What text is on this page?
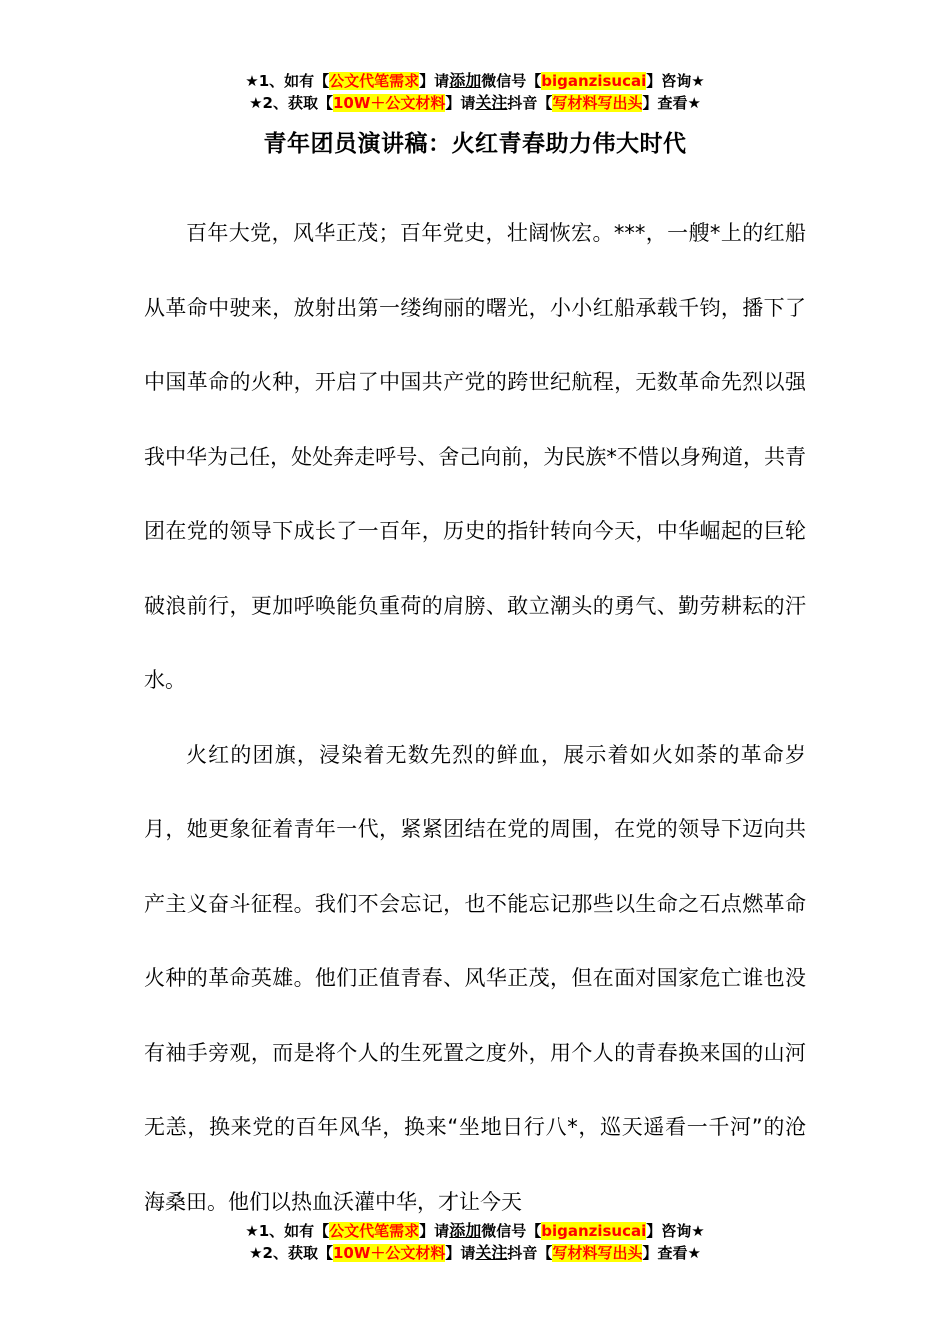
★1、如有【公文代笔需求】请添加微信号【biganzisucai】咨询★
★2、获取【10W＋公文材料】请关注抖音【写材料写出头】查看★
青年团员演讲稿：火红青春助力伟大时代

百年大党，风华正茂；百年党史，壮阔恢宏。***，一艘*上的红船从革命中驶来，放射出第一缕绚丽的曙光，小小红船承载千钧，播下了中国革命的火种，开启了中国共产党的跨世纪航程，无数革命先烈以强我中华为己任，处处奔走呼号、舍己向前，为民族*不惜以身殉道，共青团在党的领导下成长了一百年，历史的指针转向今天，中华崛起的巨轮破浪前行，更加呼唤能负重荷的肩膀、敢立潮头的勇气、勤劳耕耘的汗水。

火红的团旗，浸染着无数先烈的鲜血，展示着如火如荼的革命岁月，她更象征着青年一代，紧紧团结在党的周围，在党的领导下迈向共产主义奋斗征程。我们不会忘记，也不能忘记那些以生命之石点燃革命火种的革命英雄。他们正值青春、风华正茂，但在面对国家危亡谁也没有袖手旁观，而是将个人的生死置之度外，用个人的青春换来国的山河无恙，换来党的百年风华，换来“坐地日行八*，巡天遥看一千河”的沧海桑田。他们以热血沃灌中华，才让今天

★1、如有【公文代笔需求】请添加微信号【biganzisucai】咨询★
★2、获取【10W＋公文材料】请关注抖音【写材料写出头】查看★
